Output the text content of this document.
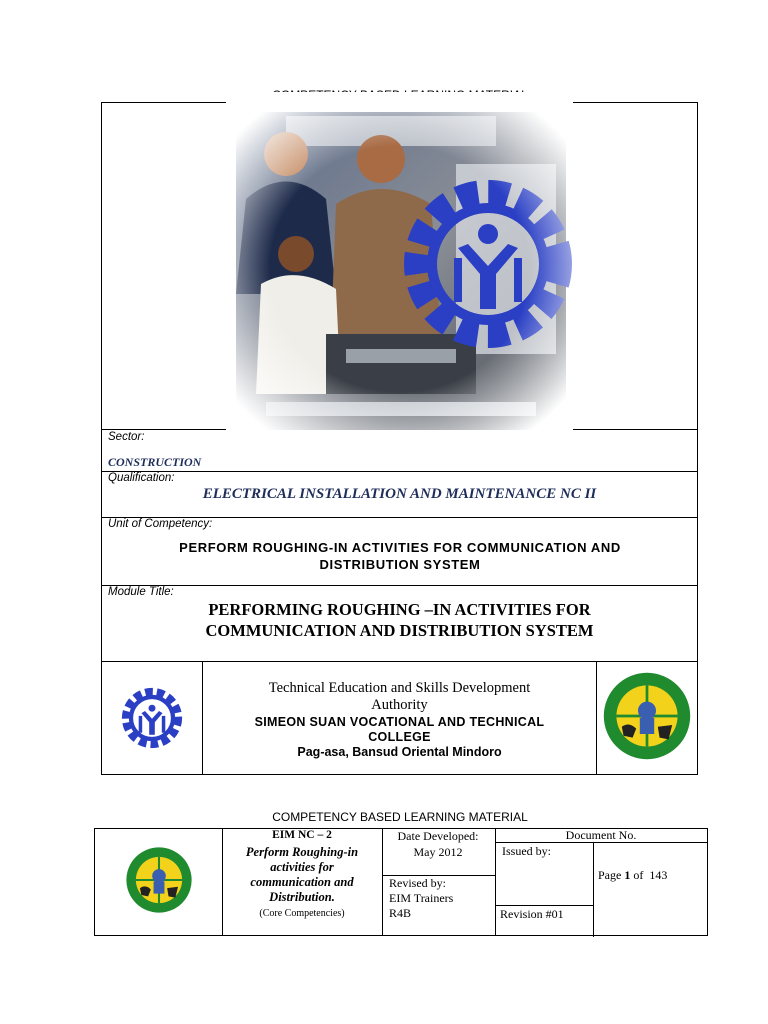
Sector:
CONSTRUCTION
Qualification:
ELECTRICAL INSTALLATION AND MAINTENANCE NC II
Unit of Competency:
PERFORM ROUGHING-IN ACTIVITIES FOR COMMUNICATION AND
DISTRIBUTION SYSTEM
Module Title:
PERFORMING ROUGHING –IN ACTIVITIES FOR
COMMUNICATION AND DISTRIBUTION SYSTEM
Technical Education and Skills Development
Authority
SIMEON SUAN VOCATIONAL AND TECHNICAL
COLLEGE
Pag-asa, Bansud Oriental Mindoro
COMPETENCY BASED LEARNING MATERIAL
EIM NC – 2
Perform Roughing-in
activities for
communication and
Distribution.
(Core Competencies)
Date Developed:
May 2012
Revised by:
EIM Trainers
R4B
Document No.
Issued by:
Page 1 of 143
Revision #01
